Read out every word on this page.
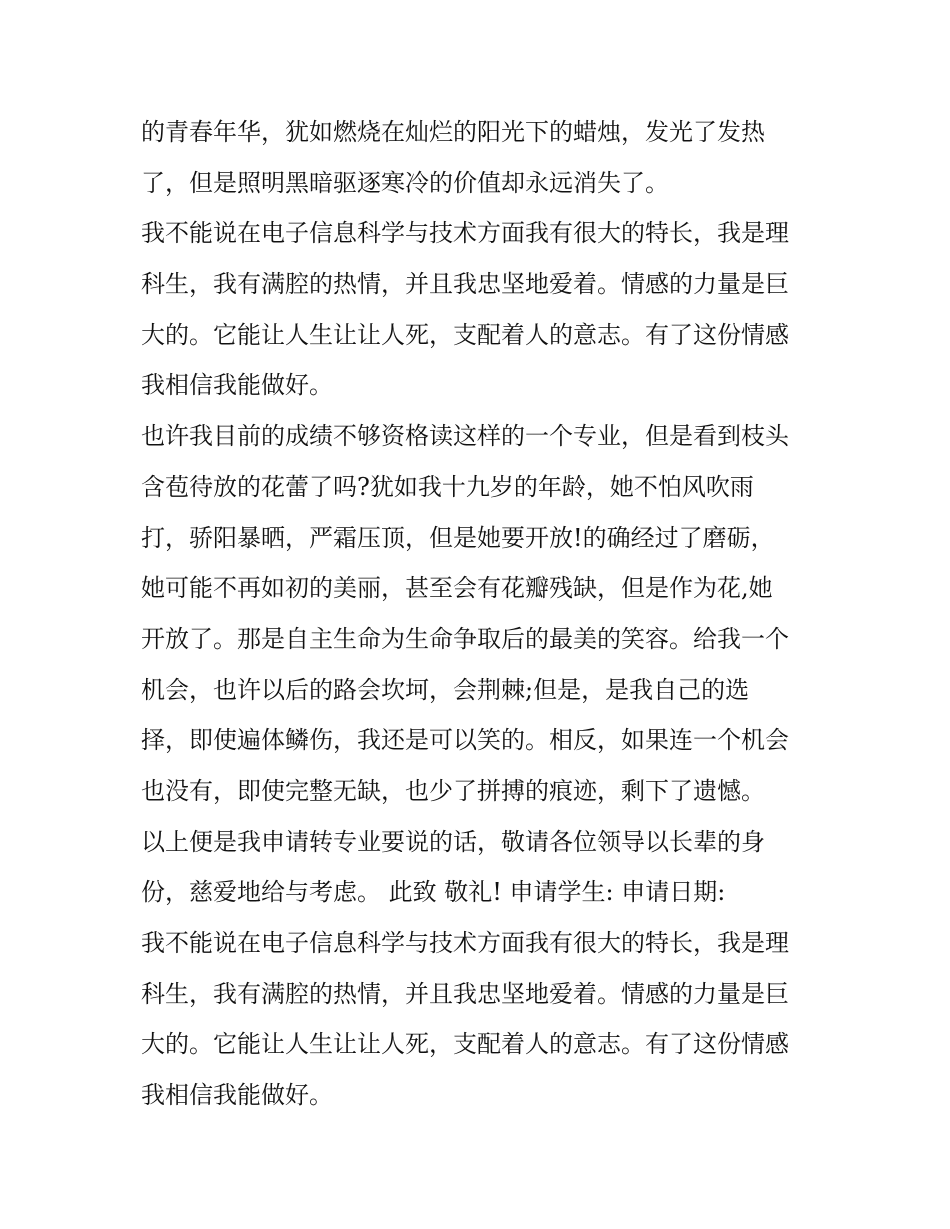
的青春年华，犹如燃烧在灿烂的阳光下的蜡烛，发光了发热
了，但是照明黑暗驱逐寒冷的价值却永远消失了。
我不能说在电子信息科学与技术方面我有很大的特长，我是理
科生，我有满腔的热情，并且我忠坚地爱着。情感的力量是巨
大的。它能让人生让让人死，支配着人的意志。有了这份情感
我相信我能做好。
也许我目前的成绩不够资格读这样的一个专业，但是看到枝头
含苞待放的花蕾了吗?犹如我十九岁的年龄，她不怕风吹雨
打，骄阳暴晒，严霜压顶，但是她要开放!的确经过了磨砺，
她可能不再如初的美丽，甚至会有花瓣残缺，但是作为花,她
开放了。那是自主生命为生命争取后的最美的笑容。给我一个
机会，也许以后的路会坎坷，会荆棘;但是，是我自己的选
择，即使遍体鳞伤，我还是可以笑的。相反，如果连一个机会
也没有，即使完整无缺，也少了拼搏的痕迹，剩下了遗憾。
以上便是我申请转专业要说的话，敬请各位领导以长辈的身
份，慈爱地给与考虑。 此致 敬礼! 申请学生: 申请日期:
我不能说在电子信息科学与技术方面我有很大的特长，我是理
科生，我有满腔的热情，并且我忠坚地爱着。情感的力量是巨
大的。它能让人生让让人死，支配着人的意志。有了这份情感
我相信我能做好。
